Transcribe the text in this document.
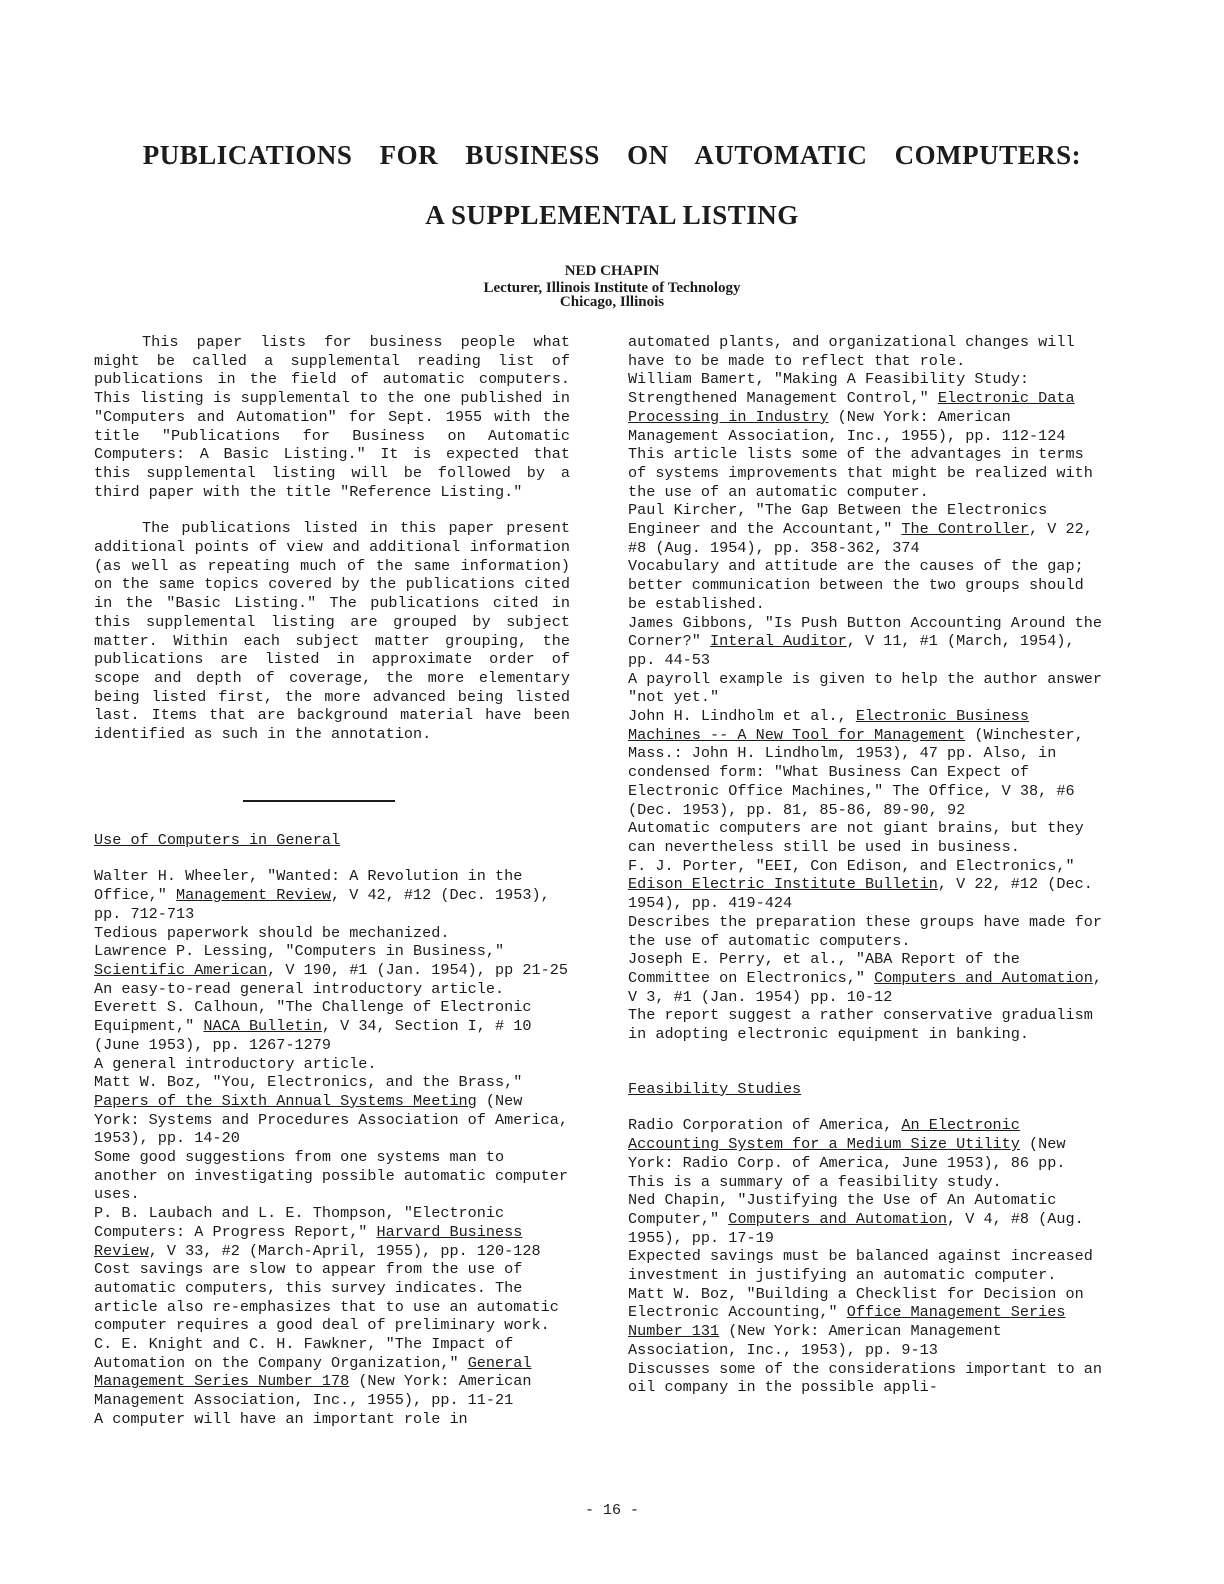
PUBLICATIONS FOR BUSINESS ON AUTOMATIC COMPUTERS:
A SUPPLEMENTAL LISTING
NED CHAPIN
Lecturer, Illinois Institute of Technology
Chicago, Illinois

This paper lists for business people what might be called a supplemental reading list of publications in the field of automatic computers. This listing is supplemental to the one published in "Computers and Automation" for Sept. 1955 with the title "Publications for Business on Automatic Computers: A Basic Listing." It is expected that this supplemental listing will be followed by a third paper with the title "Reference Listing."

The publications listed in this paper present additional points of view and additional information (as well as repeating much of the same information) on the same topics covered by the publications cited in the "Basic Listing." The publications cited in this supplemental listing are grouped by subject matter. Within each subject matter grouping, the publications are listed in approximate order of scope and depth of coverage, the more elementary being listed first, the more advanced being listed last. Items that are background material have been identified as such in the annotation.

Use of Computers in General

Walter H. Wheeler, "Wanted: A Revolution in the Office," Management Review, V 42, #12 (Dec. 1953), pp. 712-713

Tedious paperwork should be mechanized.

Lawrence P. Lessing, "Computers in Business," Scientific American, V 190, #1 (Jan. 1954), pp 21-25

An easy-to-read general introductory article.

Everett S. Calhoun, "The Challenge of Electronic Equipment," NACA Bulletin, V 34, Section I, # 10 (June 1953), pp. 1267-1279

A general introductory article.

Matt W. Boz, "You, Electronics, and the Brass," Papers of the Sixth Annual Systems Meeting (New York: Systems and Procedures Association of America, 1953), pp. 14-20

Some good suggestions from one systems man to another on investigating possible automatic computer uses.

P. B. Laubach and L. E. Thompson, "Electronic Computers: A Progress Report," Harvard Business Review, V 33, #2 (March-April, 1955), pp. 120-128

Cost savings are slow to appear from the use of automatic computers, this survey indicates. The article also re-emphasizes that to use an automatic computer requires a good deal of preliminary work.

C. E. Knight and C. H. Fawkner, "The Impact of Automation on the Company Organization," General Management Series Number 178 (New York: American Management Association, Inc., 1955), pp. 11-21

A computer will have an important role in

automated plants, and organizational changes will have to be made to reflect that role.

William Bamert, "Making A Feasibility Study: Strengthened Management Control," Electronic Data Processing in Industry (New York: American Management Association, Inc., 1955), pp. 112-124

This article lists some of the advantages in terms of systems improvements that might be realized with the use of an automatic computer.

Paul Kircher, "The Gap Between the Electronics Engineer and the Accountant," The Controller, V 22, #8 (Aug. 1954), pp. 358-362, 374

Vocabulary and attitude are the causes of the gap; better communication between the two groups should be established.

James Gibbons, "Is Push Button Accounting Around the Corner?" Interal Auditor, V 11, #1 (March, 1954), pp. 44-53

A payroll example is given to help the author answer "not yet."

John H. Lindholm et al., Electronic Business Machines -- A New Tool for Management (Winchester, Mass.: John H. Lindholm, 1953), 47 pp. Also, in condensed form: "What Business Can Expect of Electronic Office Machines," The Office, V 38, #6 (Dec. 1953), pp. 81, 85-86, 89-90, 92

Automatic computers are not giant brains, but they can nevertheless still be used in business.

F. J. Porter, "EEI, Con Edison, and Electronics," Edison Electric Institute Bulletin, V 22, #12 (Dec. 1954), pp. 419-424

Describes the preparation these groups have made for the use of automatic computers.

Joseph E. Perry, et al., "ABA Report of the Committee on Electronics," Computers and Automation, V 3, #1 (Jan. 1954) pp. 10-12

The report suggest a rather conservative gradualism in adopting electronic equipment in banking.

Feasibility Studies

Radio Corporation of America, An Electronic Accounting System for a Medium Size Utility (New York: Radio Corp. of America, June 1953), 86 pp.

This is a summary of a feasibility study.

Ned Chapin, "Justifying the Use of An Automatic Computer," Computers and Automation, V 4, #8 (Aug. 1955), pp. 17-19

Expected savings must be balanced against increased investment in justifying an automatic computer.

Matt W. Boz, "Building a Checklist for Decision on Electronic Accounting," Office Management Series Number 131 (New York: American Management Association, Inc., 1953), pp. 9-13

Discusses some of the considerations important to an oil company in the possible appli-

- 16 -
